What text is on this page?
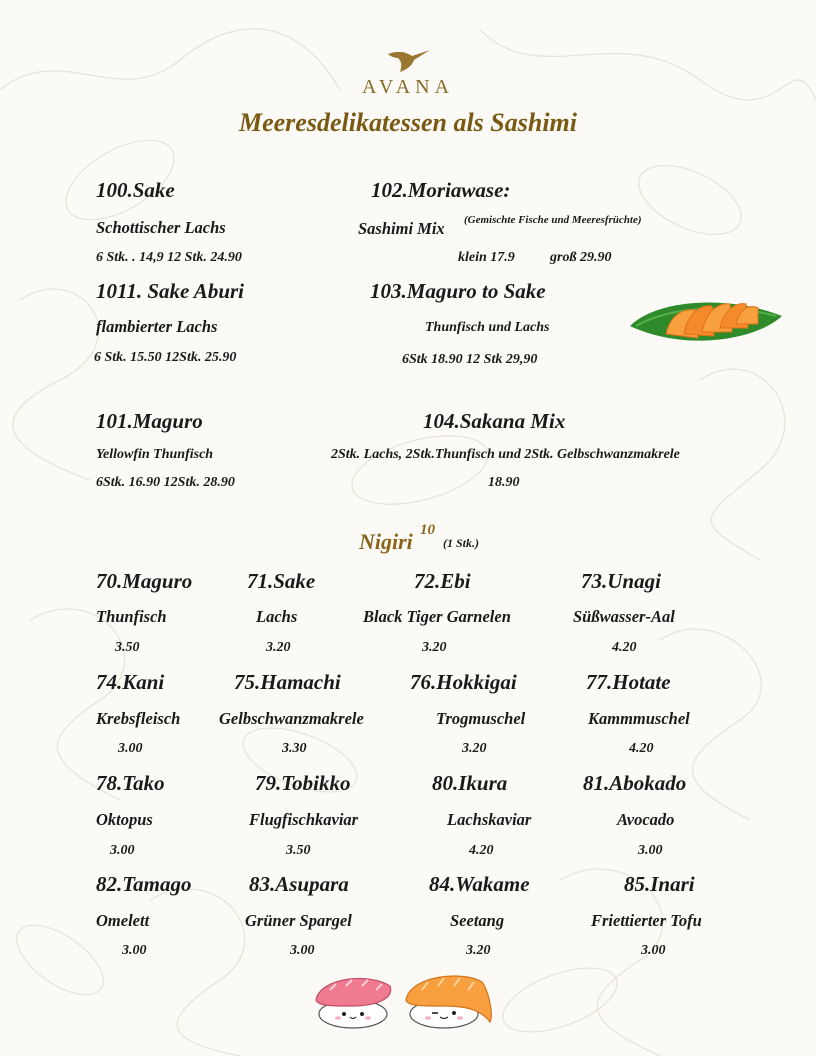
AVANA
Meeresdelikatessen als Sashimi
100.Sake
Schottischer Lachs
6 Stk. . 14,9 12 Stk. 24.90
1011. Sake Aburi
flambierter Lachs
6 Stk. 15.50 12Stk. 25.90
101.Maguro
Yellowfin Thunfisch
6Stk. 16.90 12Stk. 28.90
102.Moriawase:
Sashimi Mix (Gemischte Fische und Meeresfrüchte)
klein 17.9	groß 29.90
103.Maguro to Sake
Thunfisch und Lachs
6Stk 18.90 12 Stk 29,90
104.Sakana Mix
2Stk. Lachs, 2Stk.Thunfisch und 2Stk. Gelbschwanzmakrele
18.90
Nigiri 10
(1 Stk.)
70.Maguro
Thunfisch
3.50
71.Sake
Lachs
3.20
72.Ebi
Black Tiger Garnelen
3.20
73.Unagi
Süßwasser-Aal
4.20
74.Kani
Krebsfleisch
3.00
75.Hamachi
Gelbschwanzmakrele
3.30
76.Hokkigai
Trogmuschel
3.20
77.Hotate
Kammmuschel
4.20
78.Tako
Oktopus
3.00
79.Tobikko
Flugfischkaviar
3.50
80.Ikura
Lachskaviar
4.20
81.Abokado
Avocado
3.00
82.Tamago
Omelett
3.00
83.Asupara
Grüner Spargel
3.00
84.Wakame
Seetang
3.20
85.Inari
Friettierter Tofu
3.00
